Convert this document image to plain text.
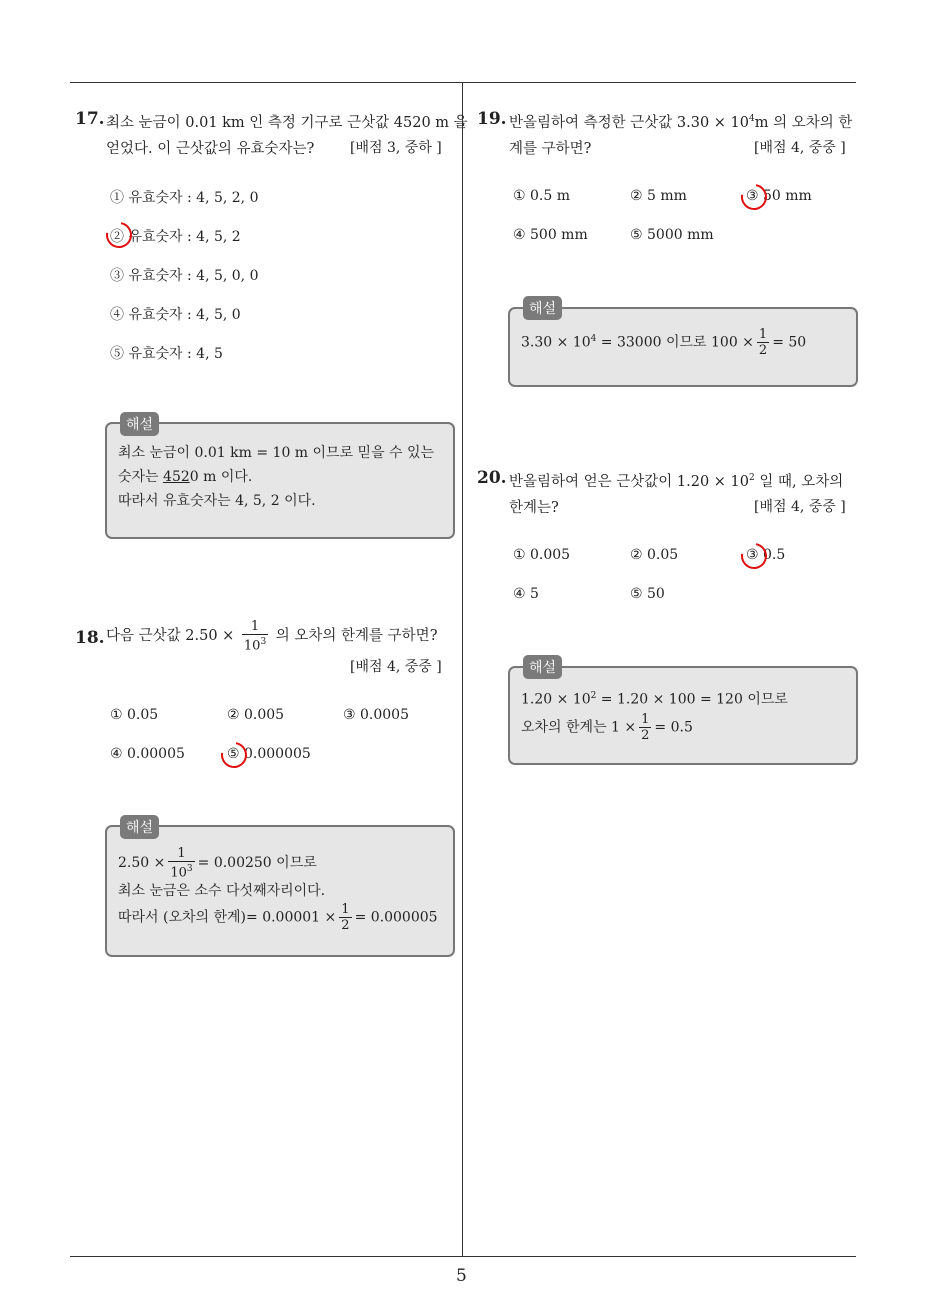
5
17. 최소 눈금이 0.01 km 인 측정 기구로 근삿값 4520 m 을
얻었다. 이 근삿값의 유효숫자는?	[배점 3, 중하 ]
① 유효숫자 : 4, 5, 2, 0
② 유효숫자 : 4, 5, 2
③ 유효숫자 : 4, 5, 0, 0
④ 유효숫자 : 4, 5, 0
⑤ 유효숫자 : 4, 5
해설
최소 눈금이 0.01 km = 10 m 이므로 믿을 수 있는
숫자는 4520 m 이다.
따라서 유효숫자는 4, 5, 2 이다.
18. 다음 근삿값 $2.50 \times \frac{1}{10^3}$ 의 오차의 한계를 구하면?
[배점 4, 중중 ]
① 0.05	② 0.005	③ 0.0005
④ 0.00005	⑤ 0.000005
해설
$2.50 \times \frac{1}{10^3} = 0.00250$ 이므로
최소 눈금은 소수 다섯째자리이다.
따라서 (오차의 한계)= $0.00001 \times \frac{1}{2} = 0.000005$
19. 반올림하여 측정한 근삿값 $3.30 \times 10^4m$ 의 오차의 한
계를 구하면?	[배점 4, 중중 ]
① 0.5 m	② 5 mm	③ 50 mm
④ 500 mm	⑤ 5000 mm
해설
$3.30 \times 10^4 = 33000$ 이므로 $100 \times \frac{1}{2} = 50$
20. 반올림하여 얻은 근삿값이 $1.20 \times 10^2$ 일 때, 오차의
한계는?	[배점 4, 중중 ]
① 0.005	② 0.05	③ 0.5
④ 5	⑤ 50
해설
$1.20 \times 10^2 = 1.20 \times 100 = 120$ 이므로
오차의 한계는 $1 \times \frac{1}{2} = 0.5$
